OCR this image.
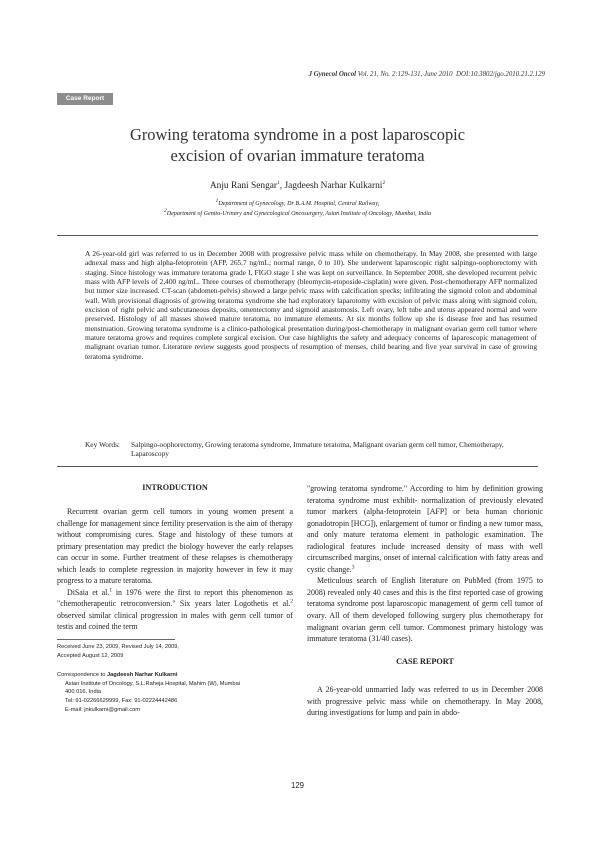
J Gynecol Oncol Vol. 21, No. 2:129-131, June 2010 DOI:10.3802/jgo.2010.21.2.129
Case Report
Growing teratoma syndrome in a post laparoscopic
excision of ovarian immature teratoma
Anju Rani Sengar$^1$, Jagdeesh Narhar Kulkarni$^2$
$^1$Department of Gynecology, Dr B.A.M. Hospital, Central Railway,
$^2$Department of Genito-Urinary and Gynecological Oncosurgery, Asian Institute of Oncology, Mumbai, India
A 26-year-old girl was referred to us in December 2008 with progressive pelvic mass while on chemotherapy. In May 2008, she presented with large adnexal mass and high alpha-fetoprotein (AFP, 265.7 ng/mL; normal range, 0 to 10). She underwent laparoscopic right salpingo-oophorectomy with staging. Since histology was immature teratoma grade I, FIGO stage 1 she was kept on surveillance. In September 2008, she developed recurrent pelvic mass with AFP levels of 2,400 ng/mL. Three courses of chemotherapy (bleomycin-etoposide-cisplatin) were given. Post-chemotherapy AFP normalized but tumor size increased. CT-scan (abdomen-pelvis) showed a large pelvic mass with calcification specks; infiltrating the sigmoid colon and abdominal wall. With provisional diagnosis of growing teratoma syndrome she had exploratory laparotomy with excision of pelvic mass along with sigmoid colon, excision of right pelvic and subcutaneous deposits, omentectomy and sigmoid anastomosis. Left ovary, left tube and uterus appeared normal and were preserved. Histology of all masses showed mature teratoma, no immature elements. At six months follow up she is disease free and has resumed menstruation. Growing teratoma syndrome is a clinico-pathological presentation during/post-chemotherapy in malignant ovarian germ cell tumor where mature teratoma grows and requires complete surgical excision. Our case highlights the safety and adequacy concerns of laparoscopic management of malignant ovarian tumor. Literature review suggests good prospects of resumption of menses, child bearing and five year survival in case of growing teratoma syndrome.
Key Words:	Salpingo-oophorectomy, Growing teratoma syndrome, Immature teratoma, Malignant ovarian germ cell tumor, Chemotherapy, Laparoscopy
INTRODUCTION

Recurrent ovarian germ cell tumors in young women present a challenge for management since fertility preservation is the aim of therapy without compromising cures. Stage and histology of these tumors at primary presentation may predict the biology however the early relapses can occur in some. Further treatment of these relapses is chemotherapy which leads to complete regression in majority however in few it may progress to a mature teratoma.

DiSaia et al.$^1$ in 1976 were the first to report this phenomenon as "chemotherapeutic retroconversion." Six years later Logothetis et al.$^2$ observed similar clinical progression in males with germ cell tumor of testis and coined the term

Received June 23, 2009, Revised July 14, 2009,
Accepted August 12, 2009
Correspondence to Jagdeesh Narhar Kulkarni
Asian Institute of Oncology, S.L.Raheja Hospital, Mahim (W), Mumbai
400 016, India
Tel: 91-02266629999, Fax: 91-02224442486
E-mail: jnkulkarni@gmail.com

"growing teratoma syndrome." According to him by definition growing teratoma syndrome must exhibit- normalization of previously elevated tumor markers (alpha-fetoprotein [AFP] or beta human chorionic gonadotropin [HCG]), enlargement of tumor or finding a new tumor mass, and only mature teratoma element in pathologic examination. The radiological features include increased density of mass with well circumscribed margins, onset of internal calcification with fatty areas and cystic change.$^3$

Meticulous search of English literature on PubMed (from 1975 to 2008) revealed only 40 cases and this is the first reported case of growing teratoma syndrome post laparoscopic management of germ cell tumor of ovary. All of them developed following surgery plus chemotherapy for malignant ovarian germ cell tumor. Commonest primary histology was immature teratoma (31/40 cases).

CASE REPORT

A 26-year-old unmarried lady was referred to us in December 2008 with progressive pelvic mass while on chemotherapy. In May 2008, during investigations for lump and pain in abdo-

129
